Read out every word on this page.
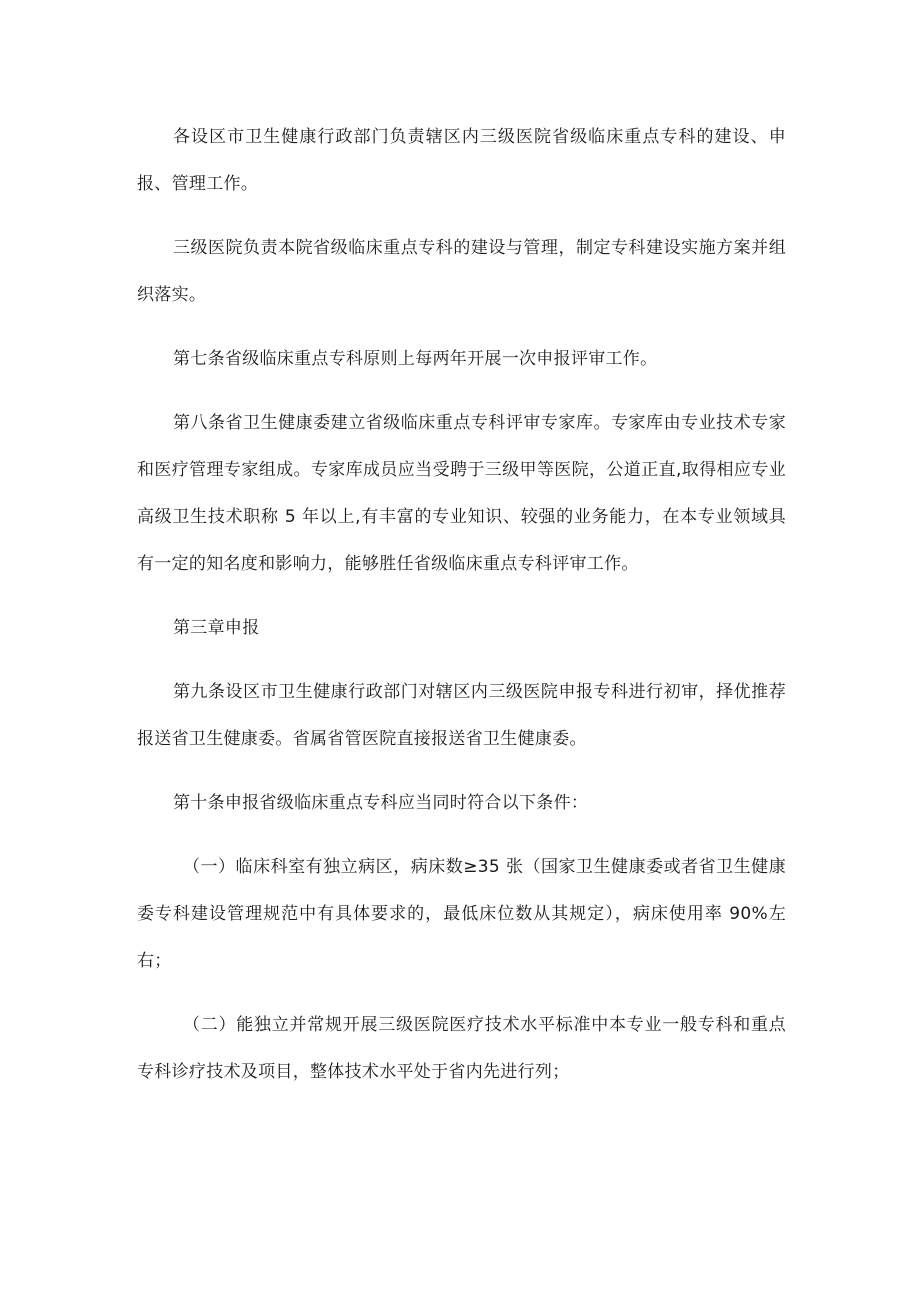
各设区市卫生健康行政部门负责辖区内三级医院省级临床重点专科的建设、申报、管理工作。

三级医院负责本院省级临床重点专科的建设与管理，制定专科建设实施方案并组织落实。

第七条省级临床重点专科原则上每两年开展一次申报评审工作。

第八条省卫生健康委建立省级临床重点专科评审专家库。专家库由专业技术专家和医疗管理专家组成。专家库成员应当受聘于三级甲等医院，公道正直,取得相应专业高级卫生技术职称 5 年以上,有丰富的专业知识、较强的业务能力，在本专业领域具有一定的知名度和影响力，能够胜任省级临床重点专科评审工作。

第三章申报

第九条设区市卫生健康行政部门对辖区内三级医院申报专科进行初审，择优推荐报送省卫生健康委。省属省管医院直接报送省卫生健康委。

第十条申报省级临床重点专科应当同时符合以下条件：

（一）临床科室有独立病区，病床数≥35 张（国家卫生健康委或者省卫生健康委专科建设管理规范中有具体要求的，最低床位数从其规定），病床使用率 90%左右；

（二）能独立并常规开展三级医院医疗技术水平标准中本专业一般专科和重点专科诊疗技术及项目，整体技术水平处于省内先进行列；
